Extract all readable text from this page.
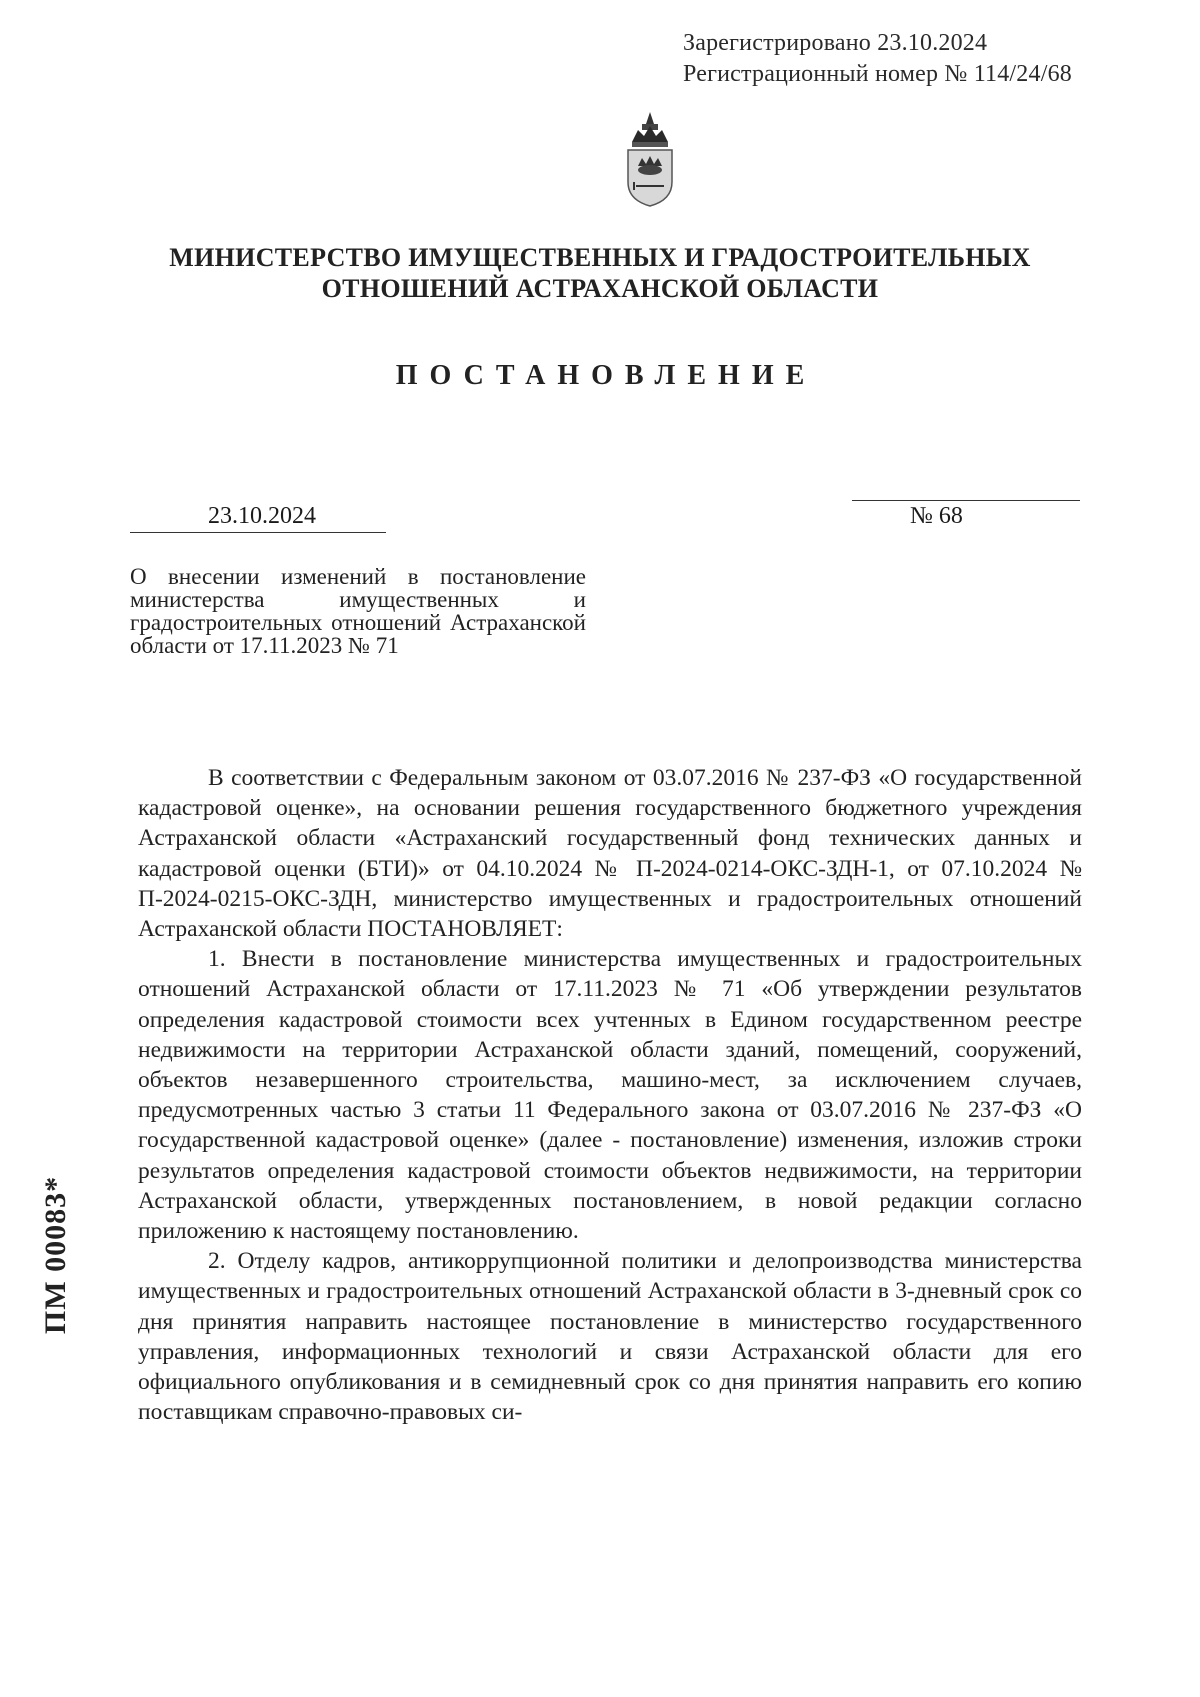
Зарегистрировано 23.10.2024
Регистрационный номер № 114/24/68
МИНИСТЕРСТВО ИМУЩЕСТВЕННЫХ И ГРАДОСТРОИТЕЛЬНЫХ
ОТНОШЕНИЙ АСТРАХАНСКОЙ ОБЛАСТИ
ПОСТАНОВЛЕНИЕ
23.10.2024	№ 68
О внесении изменений в постановление министерства имущественных и градостроительных отношений Астраханской области от 17.11.2023 № 71

В соответствии с Федеральным законом от 03.07.2016 № 237-ФЗ «О государственной кадастровой оценке», на основании решения государственного бюджетного учреждения Астраханской области «Астраханский государственный фонд технических данных и кадастровой оценки (БТИ)» от 04.10.2024 № П-2024-0214-ОКС-ЗДН-1, от 07.10.2024 № П-2024-0215-ОКС-ЗДН, министерство имущественных и градостроительных отношений Астраханской области ПОСТАНОВЛЯЕТ:

1. Внести в постановление министерства имущественных и градостроительных отношений Астраханской области от 17.11.2023 № 71 «Об утверждении результатов определения кадастровой стоимости всех учтенных в Едином государственном реестре недвижимости на территории Астраханской области зданий, помещений, сооружений, объектов незавершенного строительства, машино-мест, за исключением случаев, предусмотренных частью 3 статьи 11 Федерального закона от 03.07.2016 № 237-ФЗ «О государственной кадастровой оценке» (далее - постановление) изменения, изложив строки результатов определения кадастровой стоимости объектов недвижимости, на территории Астраханской области, утвержденных постановлением, в новой редакции согласно приложению к настоящему постановлению.

2. Отделу кадров, антикоррупционной политики и делопроизводства министерства имущественных и градостроительных отношений Астраханской области в 3-дневный срок со дня принятия направить настоящее постановление в министерство государственного управления, информационных технологий и связи Астраханской области для его официального опубликования и в семидневный срок со дня принятия направить его копию поставщикам справочно-правовых си-

ПМ 00083*
